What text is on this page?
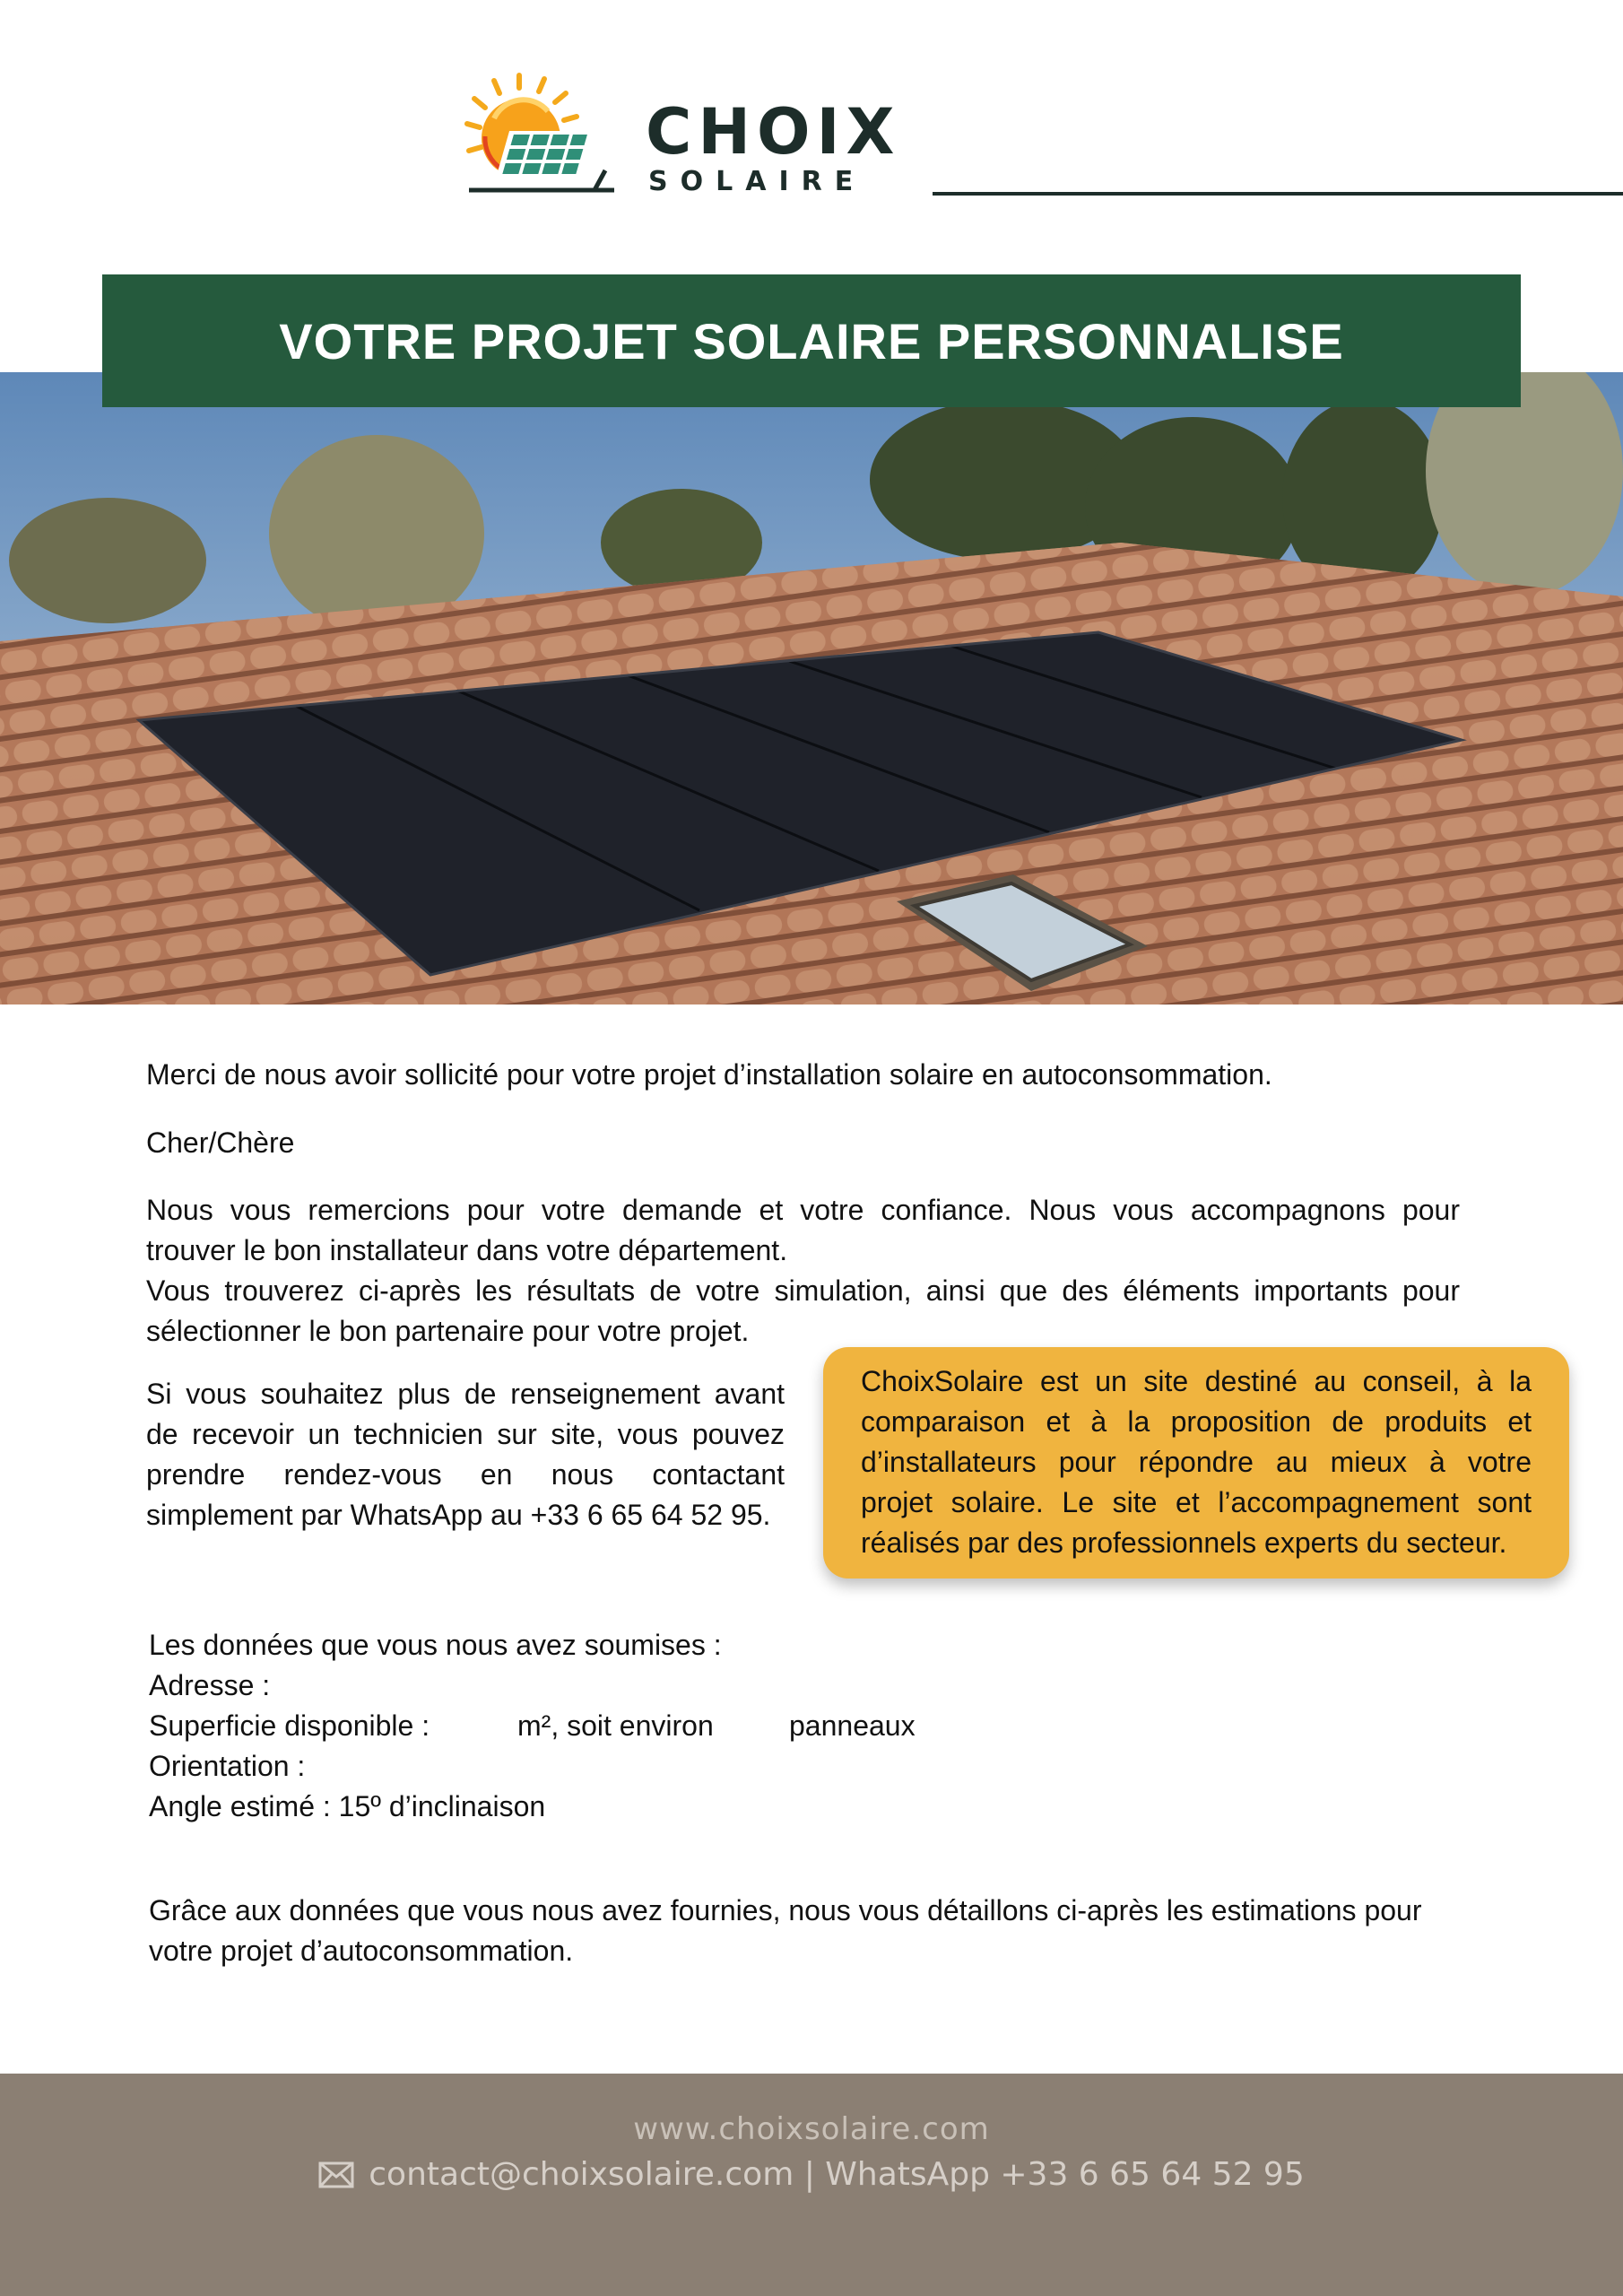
CHOIX
SOLAIRE
VOTRE PROJET SOLAIRE PERSONNALISE

Merci de nous avoir sollicité pour votre projet d’installation solaire en autoconsommation.

Cher/Chère

Nous vous remercions pour votre demande et votre confiance. Nous vous accompagnons pour
trouver le bon installateur dans votre département.
Vous trouverez ci-après les résultats de votre simulation, ainsi que des éléments importants pour
sélectionner le bon partenaire pour votre projet.
Si vous souhaitez plus de renseignement avant
de recevoir un technicien sur site, vous pouvez
prendre rendez-vous en nous contactant
simplement par WhatsApp au +33 6 65 64 52 95.
ChoixSolaire est un site destiné au conseil, à la
comparaison et à la proposition de produits et
d’installateurs pour répondre au mieux à votre
projet solaire. Le site et l’accompagnement sont
réalisés par des professionnels experts du secteur.
Les données que vous nous avez soumises :
Adresse :
Superficie disponible :	m², soit environ	panneaux
Orientation :
Angle estimé : 15º d’inclinaison
Grâce aux données que vous nous avez fournies, nous vous détaillons ci-après les estimations pour
votre projet d’autoconsommation.
www.choixsolaire.com
contact@choixsolaire.com | WhatsApp +33 6 65 64 52 95
